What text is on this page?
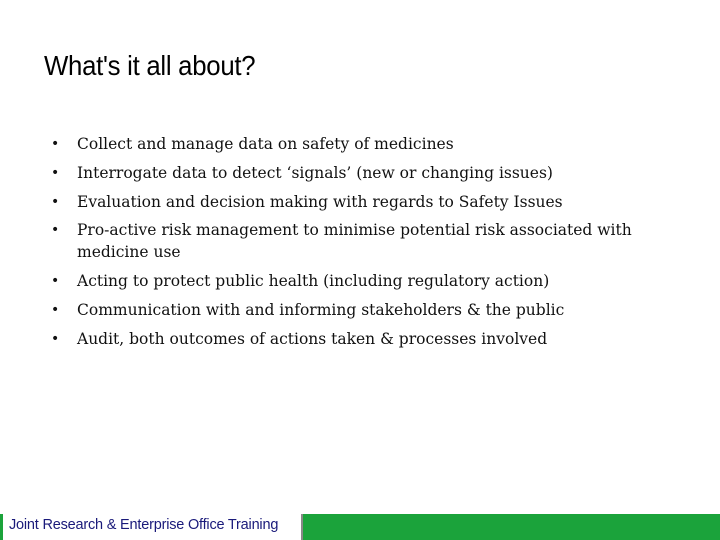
What's it all about?
• Collect and manage data on safety of medicines
• Interrogate data to detect ‘signals’ (new or changing issues)
• Evaluation and decision making with regards to Safety Issues
• Pro-active risk management to minimise potential risk associated with medicine use
• Acting to protect public health (including regulatory action)
• Communication with and informing stakeholders & the public
• Audit, both outcomes of actions taken & processes involved
Joint Research & Enterprise Office Training
